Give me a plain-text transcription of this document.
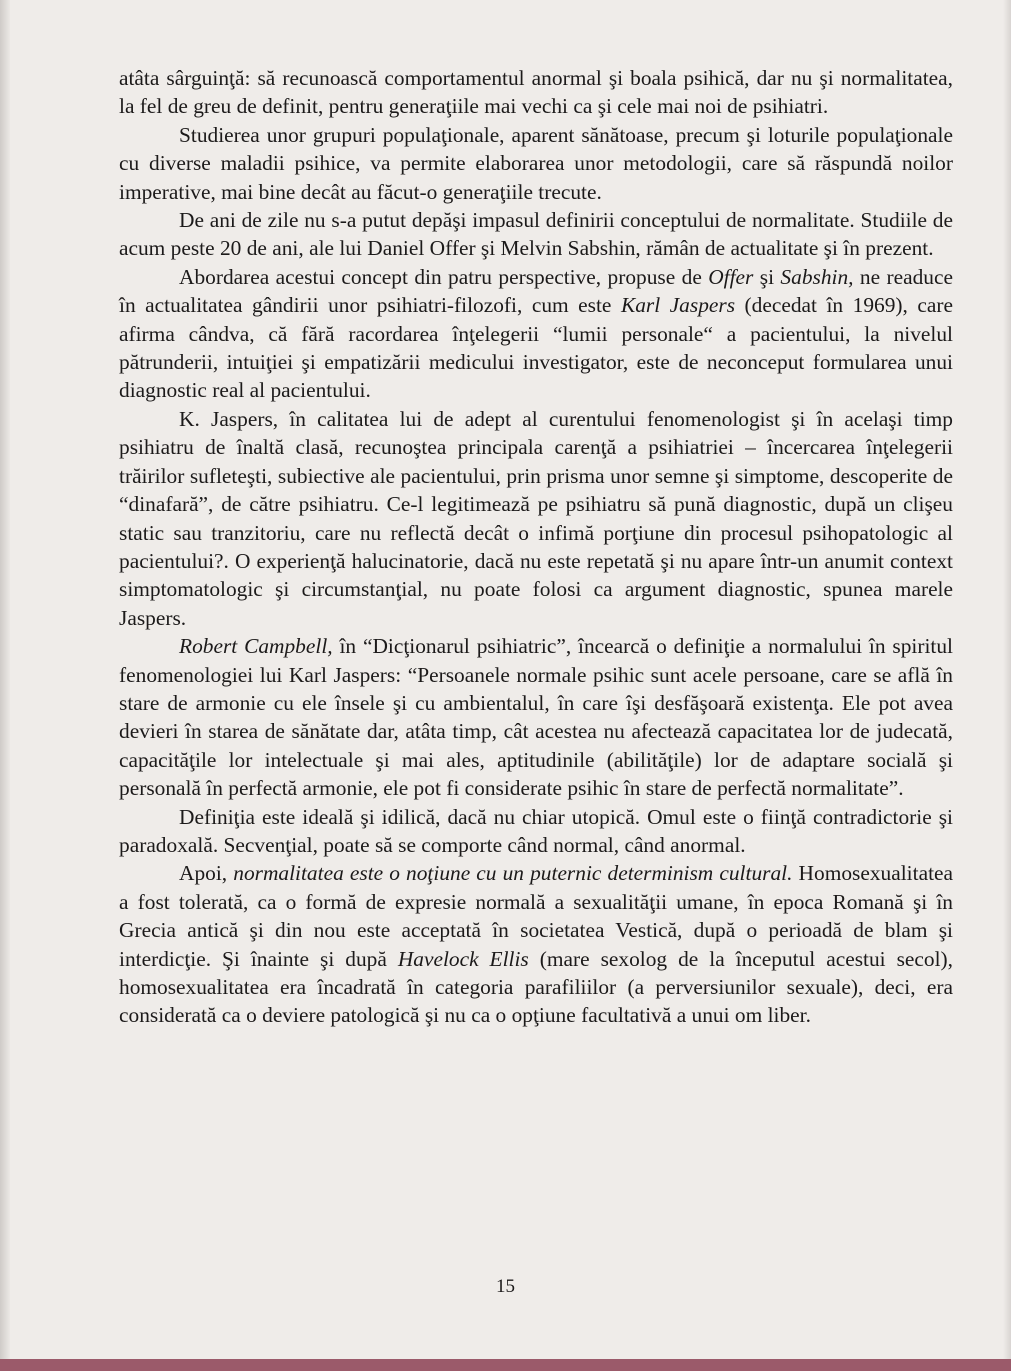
atâta sârguinţă: să recunoască comportamentul anormal şi boala psihică, dar nu şi normalitatea, la fel de greu de definit, pentru generaţiile mai vechi ca şi cele mai noi de psihiatri.

Studierea unor grupuri populaţionale, aparent sănătoase, precum şi loturile populaţionale cu diverse maladii psihice, va permite elaborarea unor metodologii, care să răspundă noilor imperative, mai bine decât au făcut-o generaţiile trecute.

De ani de zile nu s-a putut depăşi impasul definirii conceptului de normalitate. Studiile de acum peste 20 de ani, ale lui Daniel Offer şi Melvin Sabshin, rămân de actualitate şi în prezent.

Abordarea acestui concept din patru perspective, propuse de Offer şi Sabshin, ne readuce în actualitatea gândirii unor psihiatri-filozofi, cum este Karl Jaspers (decedat în 1969), care afirma cândva, că fără racordarea înţelegerii “lumii personale“ a pacientului, la nivelul pătrunderii, intuiţiei şi empatizării medicului investigator, este de neconceput formularea unui diagnostic real al pacientului.

K. Jaspers, în calitatea lui de adept al curentului fenomenologist şi în acelaşi timp psihiatru de înaltă clasă, recunoştea principala carenţă a psihiatriei – încercarea înţelegerii trăirilor sufleteşti, subiective ale pacientului, prin prisma unor semne şi simptome, descoperite de “dinafară”, de către psihiatru. Ce-l legitimează pe psihiatru să pună diagnostic, după un clişeu static sau tranzitoriu, care nu reflectă decât o infimă porţiune din procesul psihopatologic al pacientului?. O experienţă halucinatorie, dacă nu este repetată şi nu apare într-un anumit context simptomatologic şi circumstanţial, nu poate folosi ca argument diagnostic, spunea marele Jaspers.

Robert Campbell, în “Dicţionarul psihiatric”, încearcă o definiţie a normalului în spiritul fenomenologiei lui Karl Jaspers: “Persoanele normale psihic sunt acele persoane, care se află în stare de armonie cu ele însele şi cu ambientalul, în care îşi desfăşoară existenţa. Ele pot avea devieri în starea de sănătate dar, atâta timp, cât acestea nu afectează capacitatea lor de judecată, capacităţile lor intelectuale şi mai ales, aptitudinile (abilităţile) lor de adaptare socială şi personală în perfectă armonie, ele pot fi considerate psihic în stare de perfectă normalitate”.

Definiţia este ideală şi idilică, dacă nu chiar utopică. Omul este o fiinţă contradictorie şi paradoxală. Secvenţial, poate să se comporte când normal, când anormal.

Apoi, normalitatea este o noţiune cu un puternic determinism cultural. Homosexualitatea a fost tolerată, ca o formă de expresie normală a sexualităţii umane, în epoca Romană şi în Grecia antică şi din nou este acceptată în societatea Vestică, după o perioadă de blam şi interdicţie. Şi înainte şi după Havelock Ellis (mare sexolog de la începutul acestui secol), homosexualitatea era încadrată în categoria parafiliilor (a perversiunilor sexuale), deci, era considerată ca o deviere patologică şi nu ca o opţiune facultativă a unui om liber.

15
